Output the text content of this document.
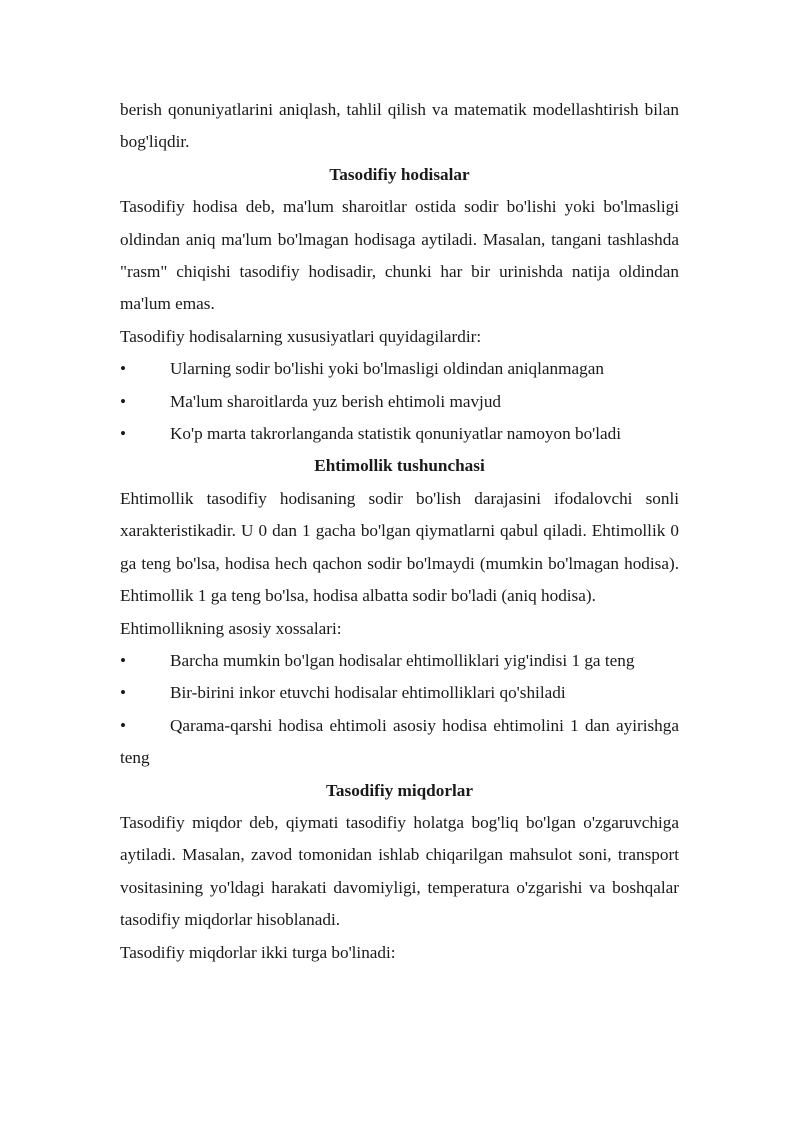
berish qonuniyatlarini aniqlash, tahlil qilish va matematik modellashtirish bilan bog'liqdir.

Tasodifiy hodisalar

Tasodifiy hodisa deb, ma'lum sharoitlar ostida sodir bo'lishi yoki bo'lmasligi oldindan aniq ma'lum bo'lmagan hodisaga aytiladi. Masalan, tangani tashlashda "rasm" chiqishi tasodifiy hodisadir, chunki har bir urinishda natija oldindan ma'lum emas.

Tasodifiy hodisalarning xususiyatlari quyidagilardir:

•	Ularning sodir bo'lishi yoki bo'lmasligi oldindan aniqlanmagan

•	Ma'lum sharoitlarda yuz berish ehtimoli mavjud

•	Ko'p marta takrorlanganda statistik qonuniyatlar namoyon bo'ladi

Ehtimollik tushunchasi

Ehtimollik tasodifiy hodisaning sodir bo'lish darajasini ifodalovchi sonli xarakteristikadir. U 0 dan 1 gacha bo'lgan qiymatlarni qabul qiladi. Ehtimollik 0 ga teng bo'lsa, hodisa hech qachon sodir bo'lmaydi (mumkin bo'lmagan hodisa). Ehtimollik 1 ga teng bo'lsa, hodisa albatta sodir bo'ladi (aniq hodisa).

Ehtimollikning asosiy xossalari:

•	Barcha mumkin bo'lgan hodisalar ehtimolliklari yig'indisi 1 ga teng

•	Bir-birini inkor etuvchi hodisalar ehtimolliklari qo'shiladi

•	Qarama-qarshi hodisa ehtimoli asosiy hodisa ehtimolini 1 dan ayirishga teng

Tasodifiy miqdorlar

Tasodifiy miqdor deb, qiymati tasodifiy holatga bog'liq bo'lgan o'zgaruvchiga aytiladi. Masalan, zavod tomonidan ishlab chiqarilgan mahsulot soni, transport vositasining yo'ldagi harakati davomiyligi, temperatura o'zgarishi va boshqalar tasodifiy miqdorlar hisoblanadi.

Tasodifiy miqdorlar ikki turga bo'linadi:
